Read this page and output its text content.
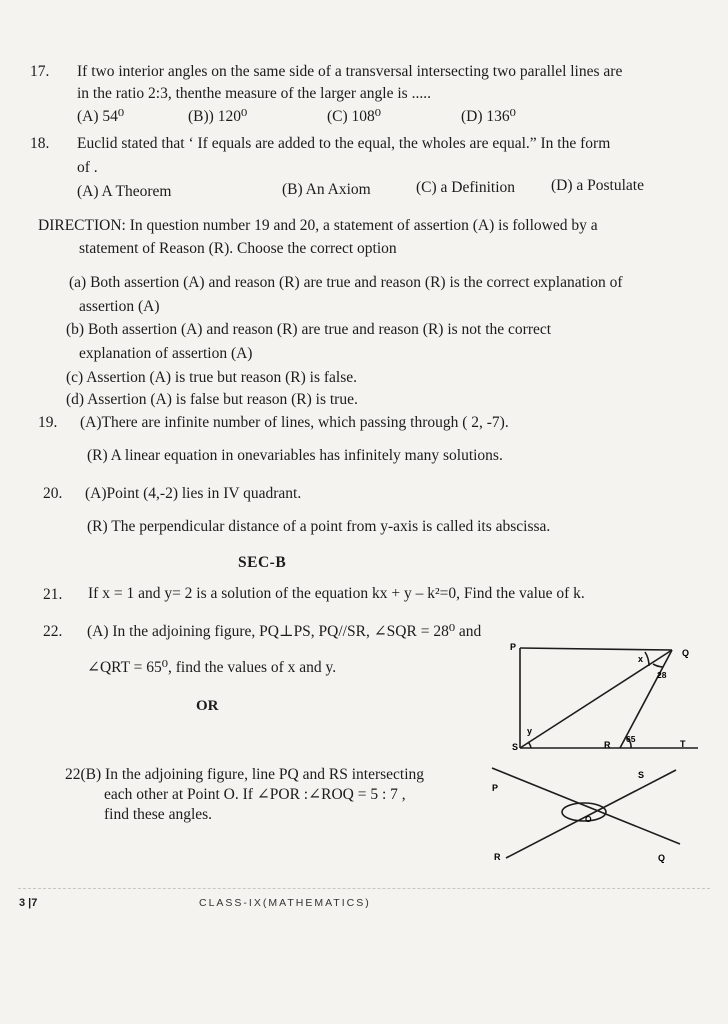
17. If two interior angles on the same side of a transversal intersecting two parallel lines are
in the ratio 2:3, thenthe measure of the larger angle is .....
(A) 54⁰	(B)) 120⁰	(C) 108⁰	(D) 136⁰
18. Euclid stated that ‘ If equals are added to the equal, the wholes are equal.” In the form
of .
(A) A Theorem	(B) An Axiom	(C) a Definition (D) a Postulate
DIRECTION: In question number 19 and 20, a statement of assertion (A) is followed by a
statement of Reason (R). Choose the correct option
(a) Both assertion (A) and reason (R) are true and reason (R) is the correct explanation of
assertion (A)
(b) Both assertion (A) and reason (R) are true and reason (R) is not the correct
explanation of assertion (A)
(c) Assertion (A) is true but reason (R) is false.
(d) Assertion (A) is false but reason (R) is true.
19. (A)There are infinite number of lines, which passing through ( 2, -7).
(R) A linear equation in onevariables has infinitely many solutions.
20. (A)Point (4,-2) lies in IV quadrant.
(R) The perpendicular distance of a point from y-axis is called its abscissa.
SEC-B
21. If x = 1 and y= 2 is a solution of the equation kx + y – k²=0, Find the value of k.
22. (A) In the adjoining figure, PQ⊥PS, PQ//SR, ∠SQR = 28⁰ and
∠QRT = 65⁰, find the values of x and y.
OR
22(B) In the adjoining figure, line PQ and RS intersecting
each other at Point O. If ∠POR :∠ROQ = 5 : 7 ,
find these angles.
P
Q
S	R	T
x
y
28
65
P
Q
R
S
O
3 |7	CLASS-IX(MATHEMATICS)
